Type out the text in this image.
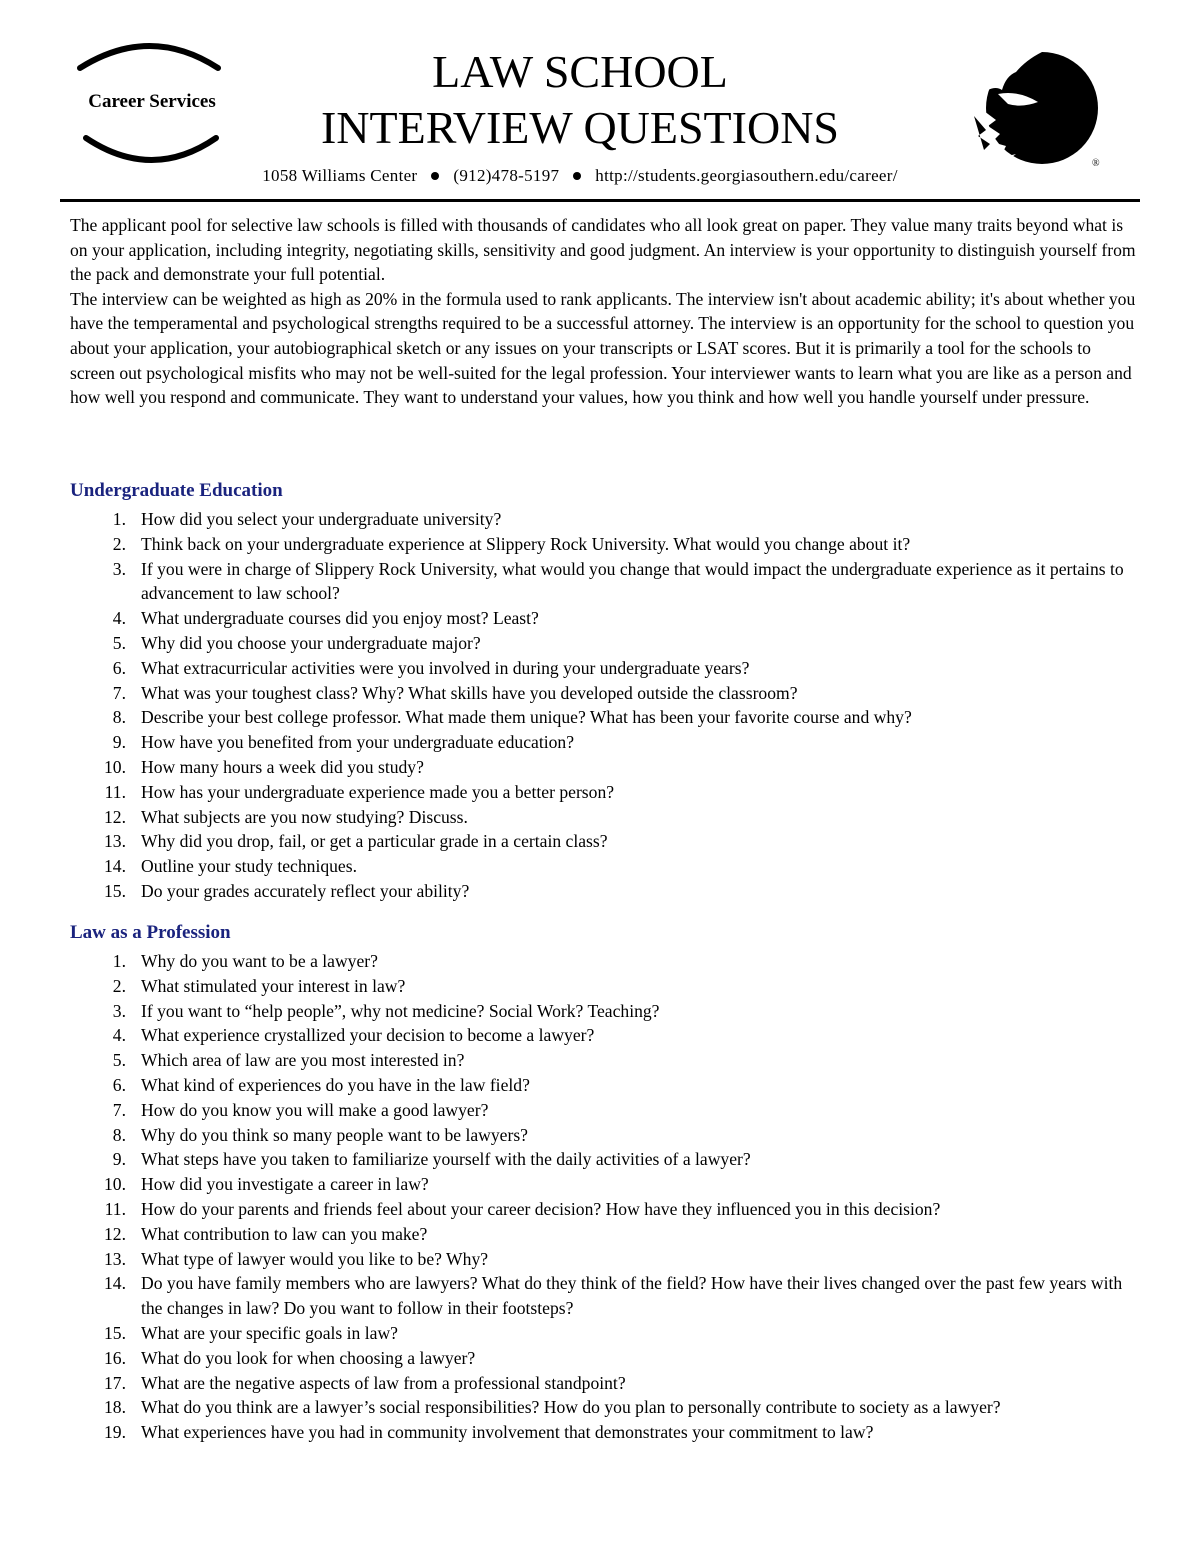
Career Services
LAW SCHOOL
INTERVIEW QUESTIONS
®
1058 Williams Center (912)478-5197 http://students.georgiasouthern.edu/career/

The applicant pool for selective law schools is filled with thousands of candidates who all look great on paper. They value many traits beyond what is on your application, including integrity, negotiating skills, sensitivity and good judgment. An interview is your opportunity to distinguish yourself from the pack and demonstrate your full potential.

The interview can be weighted as high as 20% in the formula used to rank applicants. The interview isn't about academic ability; it's about whether you have the temperamental and psychological strengths required to be a successful attorney. The interview is an opportunity for the school to question you about your application, your autobiographical sketch or any issues on your transcripts or LSAT scores. But it is primarily a tool for the schools to screen out psychological misfits who may not be well-suited for the legal profession. Your interviewer wants to learn what you are like as a person and how well you respond and communicate. They want to understand your values, how you think and how well you handle yourself under pressure.

Undergraduate Education
1. How did you select your undergraduate university?
2. Think back on your undergraduate experience at Slippery Rock University. What would you change about it?
3. If you were in charge of Slippery Rock University, what would you change that would impact the undergraduate experience as it pertains to advancement to law school?
4. What undergraduate courses did you enjoy most? Least?
5. Why did you choose your undergraduate major?
6. What extracurricular activities were you involved in during your undergraduate years?
7. What was your toughest class? Why? What skills have you developed outside the classroom?
8. Describe your best college professor. What made them unique? What has been your favorite course and why?
9. How have you benefited from your undergraduate education?
10. How many hours a week did you study?
11. How has your undergraduate experience made you a better person?
12. What subjects are you now studying? Discuss.
13. Why did you drop, fail, or get a particular grade in a certain class?
14. Outline your study techniques.
15. Do your grades accurately reflect your ability?
Law as a Profession
1. Why do you want to be a lawyer?
2. What stimulated your interest in law?
3. If you want to “help people”, why not medicine? Social Work? Teaching?
4. What experience crystallized your decision to become a lawyer?
5. Which area of law are you most interested in?
6. What kind of experiences do you have in the law field?
7. How do you know you will make a good lawyer?
8. Why do you think so many people want to be lawyers?
9. What steps have you taken to familiarize yourself with the daily activities of a lawyer?
10. How did you investigate a career in law?
11. How do your parents and friends feel about your career decision? How have they influenced you in this decision?
12. What contribution to law can you make?
13. What type of lawyer would you like to be? Why?
14. Do you have family members who are lawyers? What do they think of the field? How have their lives changed over the past few years with the changes in law? Do you want to follow in their footsteps?
15. What are your specific goals in law?
16. What do you look for when choosing a lawyer?
17. What are the negative aspects of law from a professional standpoint?
18. What do you think are a lawyer’s social responsibilities? How do you plan to personally contribute to society as a lawyer?
19. What experiences have you had in community involvement that demonstrates your commitment to law?
